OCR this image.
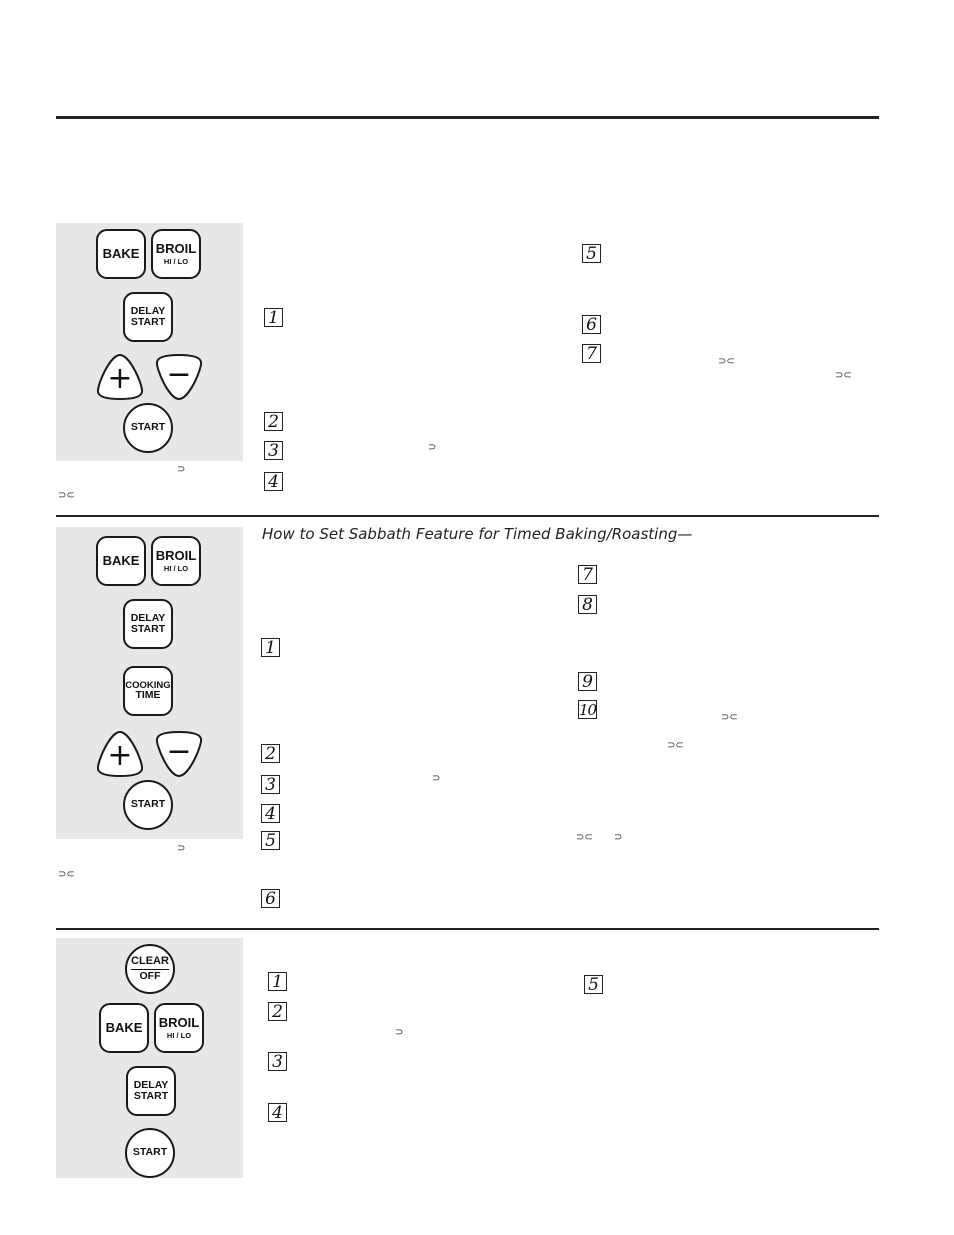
BAKE BROIL
HI / LO
DELAY
START
+ −
START
⊃
⊃⊂
1
2
3	⊃
4
5
6
7	⊃⊂
⊃⊂
How to Set Sabbath Feature for Timed Baking/Roasting—
BAKE BROIL
HI / LO
DELAY
START
COOKING
TIME
+ −
START
⊃
⊃⊂
1
2
3	⊃
4
5
6
7
8
9
10	⊃⊂
⊃⊂
⊃⊂ ⊃
CLEAR
OFF
BAKE BROIL
HI / LO
DELAY
START
START
1
2
⊃
3
4
5
